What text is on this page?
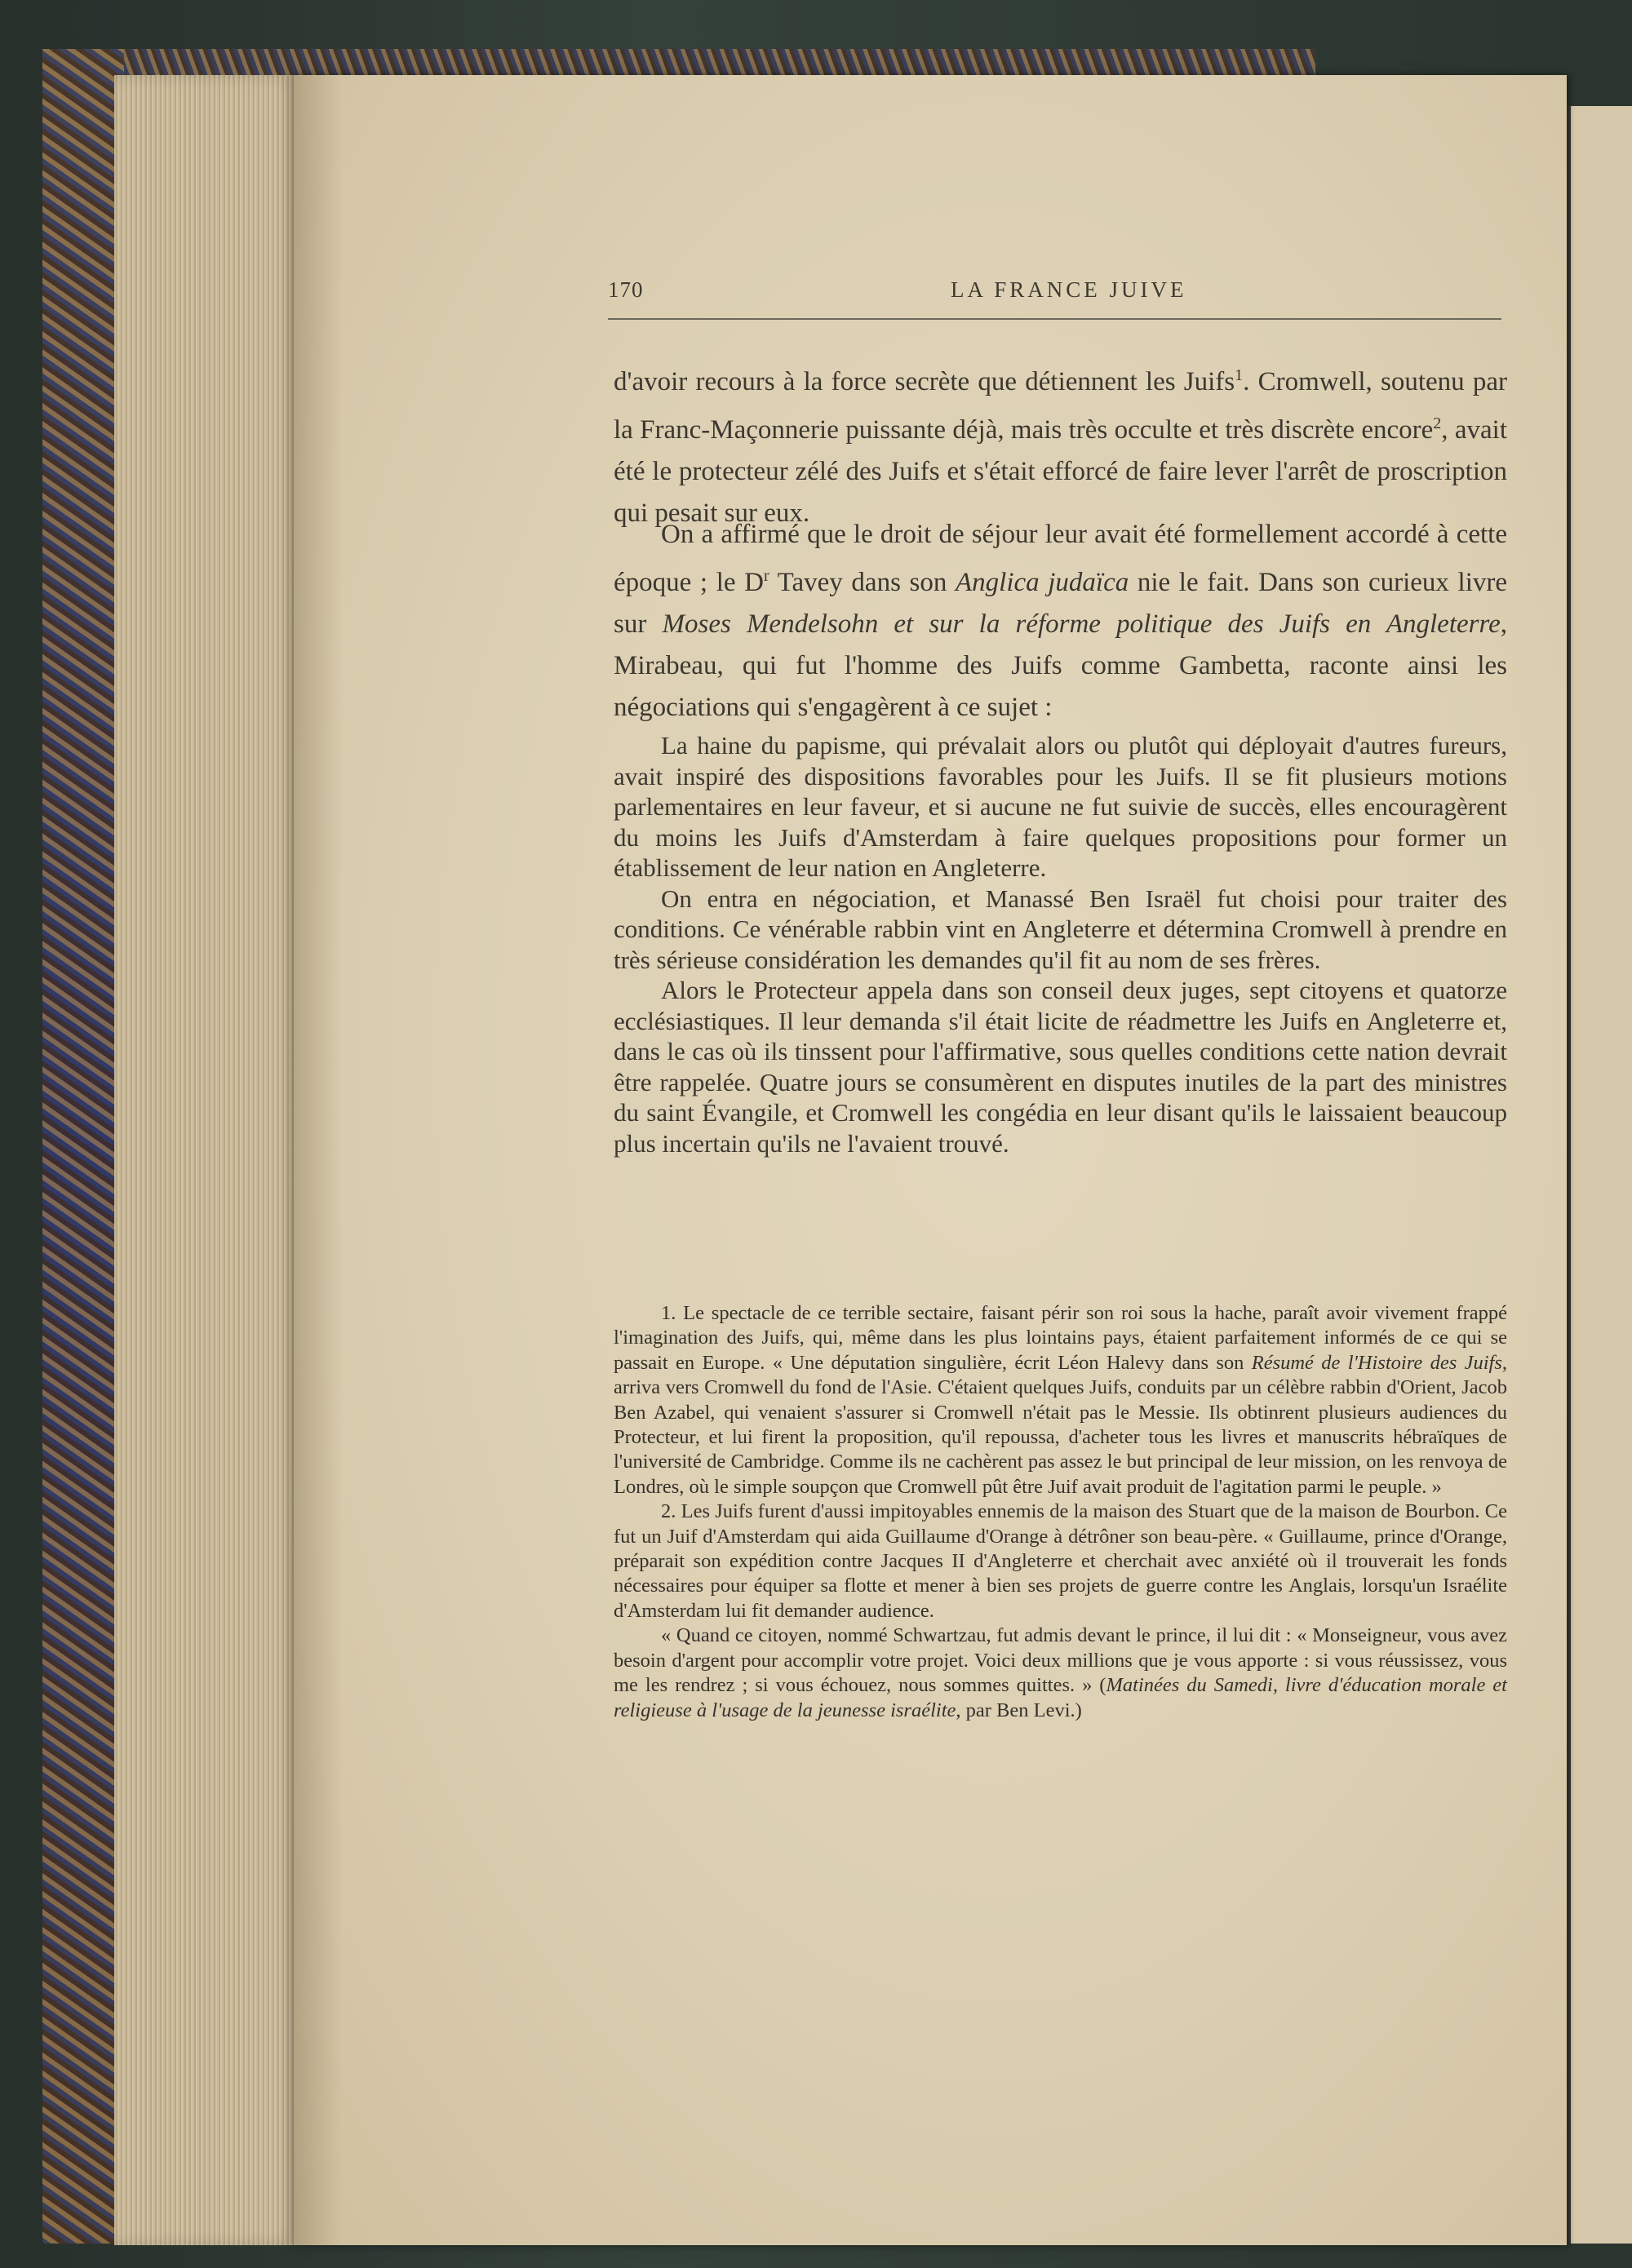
170	LA FRANCE JUIVE

d'avoir recours à la force secrète que détiennent les Juifs$^1$. Cromwell, soutenu par la Franc-Maçonnerie puissante déjà, mais très occulte et très discrète encore$^2$, avait été le protecteur zélé des Juifs et s'était efforcé de faire lever l'arrêt de proscription qui pesait sur eux.

On a affirmé que le droit de séjour leur avait été formellement accordé à cette époque ; le $D^r$ Tavey dans son Anglica judaïca nie le fait. Dans son curieux livre sur Moses Mendelsohn et sur la réforme politique des Juifs en Angleterre, Mirabeau, qui fut l'homme des Juifs comme Gambetta, raconte ainsi les négociations qui s'engagèrent à ce sujet :

La haine du papisme, qui prévalait alors ou plutôt qui déployait d'autres fureurs, avait inspiré des dispositions favorables pour les Juifs. Il se fit plusieurs motions parlementaires en leur faveur, et si aucune ne fut suivie de succès, elles encouragèrent du moins les Juifs d'Amsterdam à faire quelques propositions pour former un établissement de leur nation en Angleterre.

On entra en négociation, et Manassé Ben Israël fut choisi pour traiter des conditions. Ce vénérable rabbin vint en Angleterre et détermina Cromwell à prendre en très sérieuse considération les demandes qu'il fit au nom de ses frères.

Alors le Protecteur appela dans son conseil deux juges, sept citoyens et quatorze ecclésiastiques. Il leur demanda s'il était licite de réadmettre les Juifs en Angleterre et, dans le cas où ils tinssent pour l'affirmative, sous quelles conditions cette nation devrait être rappelée. Quatre jours se consumèrent en disputes inutiles de la part des ministres du saint Évangile, et Cromwell les congédia en leur disant qu'ils le laissaient beaucoup plus incertain qu'ils ne l'avaient trouvé.

1. Le spectacle de ce terrible sectaire, faisant périr son roi sous la hache, paraît avoir vivement frappé l'imagination des Juifs, qui, même dans les plus lointains pays, étaient parfaitement informés de ce qui se passait en Europe. « Une députation singulière, écrit Léon Halevy dans son Résumé de l'Histoire des Juifs, arriva vers Cromwell du fond de l'Asie. C'étaient quelques Juifs, conduits par un célèbre rabbin d'Orient, Jacob Ben Azabel, qui venaient s'assurer si Cromwell n'était pas le Messie. Ils obtinrent plusieurs audiences du Protecteur, et lui firent la proposition, qu'il repoussa, d'acheter tous les livres et manuscrits hébraïques de l'université de Cambridge. Comme ils ne cachèrent pas assez le but principal de leur mission, on les renvoya de Londres, où le simple soupçon que Cromwell pût être Juif avait produit de l'agitation parmi le peuple. »

2. Les Juifs furent d'aussi impitoyables ennemis de la maison des Stuart que de la maison de Bourbon. Ce fut un Juif d'Amsterdam qui aida Guillaume d'Orange à détrôner son beau-père. « Guillaume, prince d'Orange, préparait son expédition contre Jacques II d'Angleterre et cherchait avec anxiété où il trouverait les fonds nécessaires pour équiper sa flotte et mener à bien ses projets de guerre contre les Anglais, lorsqu'un Israélite d'Amsterdam lui fit demander audience.

« Quand ce citoyen, nommé Schwartzau, fut admis devant le prince, il lui dit : « Monseigneur, vous avez besoin d'argent pour accomplir votre projet. Voici deux millions que je vous apporte : si vous réussissez, vous me les rendrez ; si vous échouez, nous sommes quittes. » (Matinées du Samedi, livre d'éducation morale et religieuse à l'usage de la jeunesse israélite, par Ben Levi.)
